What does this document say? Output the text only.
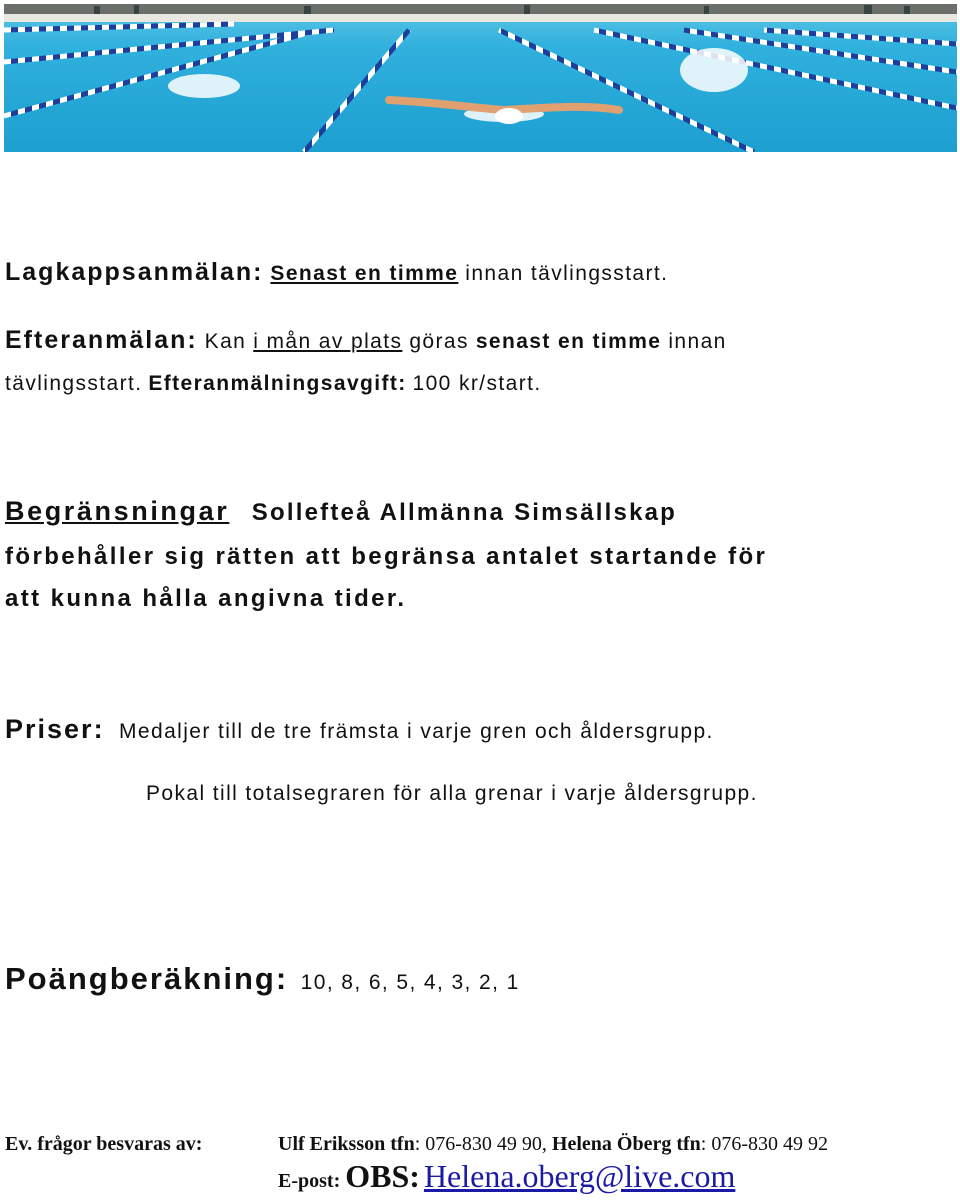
Lagkappsanmälan: Senast en timme innan tävlingsstart.
Efteranmälan: Kan i mån av plats göras senast en timme innan
tävlingsstart. Efteranmälningsavgift: 100 kr/start.
Begränsningar Sollefteå Allmänna Simsällskap
förbehåller sig rätten att begränsa antalet startande för
att kunna hålla angivna tider.
Priser: Medaljer till de tre främsta i varje gren och åldersgrupp.
Pokal till totalsegraren för alla grenar i varje åldersgrupp.
Poängberäkning: 10, 8, 6, 5, 4, 3, 2, 1
Ev. frågor besvaras av:	Ulf Eriksson tfn: 076-830 49 90, Helena Öberg tfn: 076-830 49 92
E-post: OBS: Helena.oberg@live.com
